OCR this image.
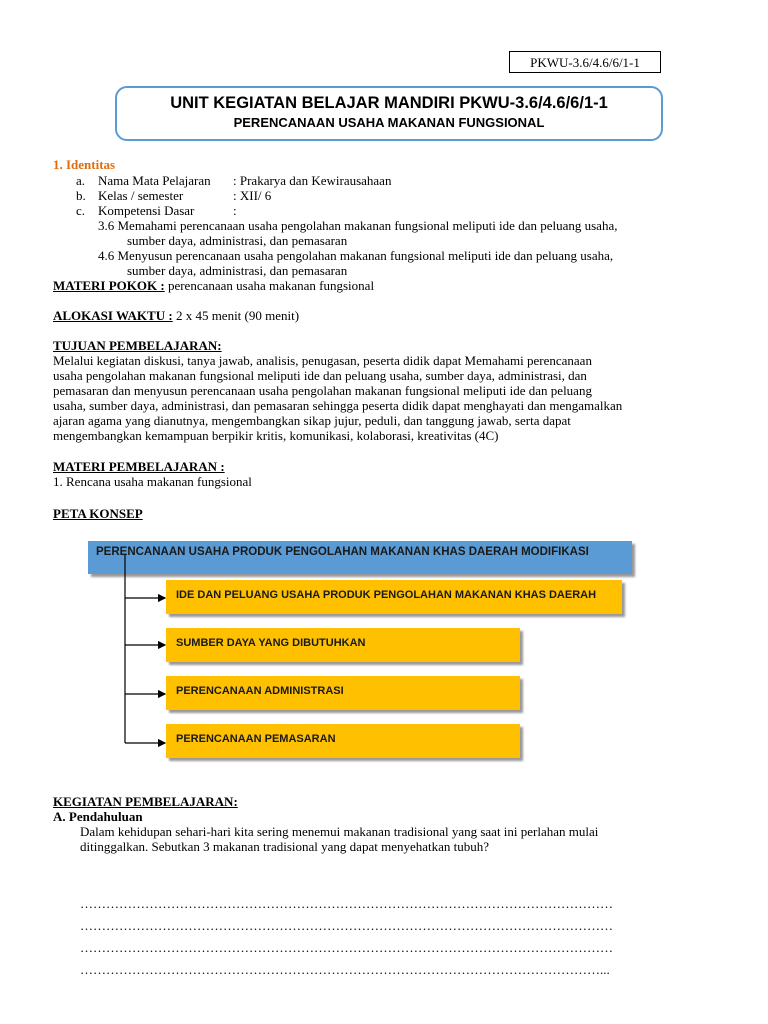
PKWU-3.6/4.6/6/1-1
UNIT KEGIATAN BELAJAR MANDIRI PKWU-3.6/4.6/6/1-1
PERENCANAAN USAHA MAKANAN FUNGSIONAL
1. Identitas
a. Nama Mata Pelajaran : Prakarya dan Kewirausahaan
b. Kelas / semester	: XII/ 6
c. Kompetensi Dasar	:
3.6 Memahami perencanaan usaha pengolahan makanan fungsional meliputi ide dan peluang usaha,
sumber daya, administrasi, dan pemasaran
4.6 Menyusun perencanaan usaha pengolahan makanan fungsional meliputi ide dan peluang usaha,
sumber daya, administrasi, dan pemasaran
MATERI POKOK : perencanaan usaha makanan fungsional
ALOKASI WAKTU : 2 x 45 menit (90 menit)
TUJUAN PEMBELAJARAN:
Melalui kegiatan diskusi, tanya jawab, analisis, penugasan, peserta didik dapat Memahami perencanaan
usaha pengolahan makanan fungsional meliputi ide dan peluang usaha, sumber daya, administrasi, dan
pemasaran dan menyusun perencanaan usaha pengolahan makanan fungsional meliputi ide dan peluang
usaha, sumber daya, administrasi, dan pemasaran sehingga peserta didik dapat menghayati dan mengamalkan
ajaran agama yang dianutnya, mengembangkan sikap jujur, peduli, dan tanggung jawab, serta dapat
mengembangkan kemampuan berpikir kritis, komunikasi, kolaborasi, kreativitas (4C)
MATERI PEMBELAJARAN :
1. Rencana usaha makanan fungsional
PETA KONSEP
PERENCANAAN USAHA PRODUK PENGOLAHAN MAKANAN KHAS DAERAH MODIFIKASI
IDE DAN PELUANG USAHA PRODUK PENGOLAHAN MAKANAN KHAS DAERAH
SUMBER DAYA YANG DIBUTUHKAN
PERENCANAAN ADMINISTRASI
PERENCANAAN PEMASARAN
KEGIATAN PEMBELAJARAN:
A. Pendahuluan
Dalam kehidupan sehari-hari kita sering menemui makanan tradisional yang saat ini perlahan mulai
ditinggalkan. Sebutkan 3 makanan tradisional yang dapat menyehatkan tubuh?
……………………………………………………………………………………………………………
……………………………………………………………………………………………………………
……………………………………………………………………………………………………………
…………………………………………………………………………………………………………...
